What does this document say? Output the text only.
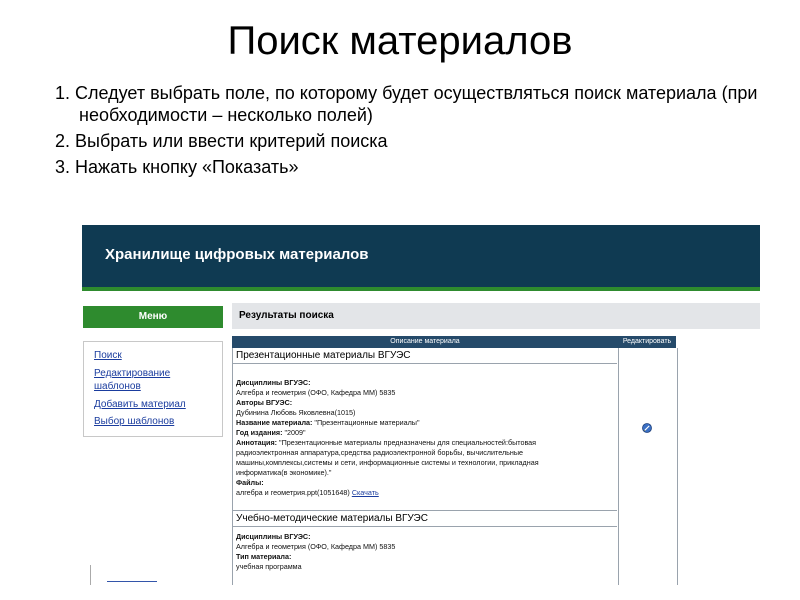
Поиск материалов
1. Следует выбрать поле, по которому будет осуществляться поиск материала (при необходимости – несколько полей)
2. Выбрать или ввести критерий поиска
3. Нажать кнопку «Показать»
Хранилище цифровых материалов
Меню
Поиск
Редактирование шаблонов
Добавить материал
Выбор шаблонов
Результаты поиска
Описание материала	Редактировать
Презентационные материалы ВГУЭС
Дисциплины ВГУЭС:
Алгебра и геометрия (ОФО, Кафедра ММ) 5835
Авторы ВГУЭС:
Дубинина Любовь Яковлевна(1015)
Название материала: "Презентационные материалы"
Год издания: "2009"
Аннотация: "Презентационные материалы предназначены для специальностей:бытовая
радиоэлектронная аппаратура,средства радиоэлектронной борьбы, вычислительные
машины,комплексы,системы и сети, информационные системы и технологии, прикладная
информатика(в экономике)."
Файлы:
алгебра и геометрия.ppt(1051648) Скачать
Учебно-методические материалы ВГУЭС
Дисциплины ВГУЭС:
Алгебра и геометрия (ОФО, Кафедра ММ) 5835
Тип материала:
учебная программа
